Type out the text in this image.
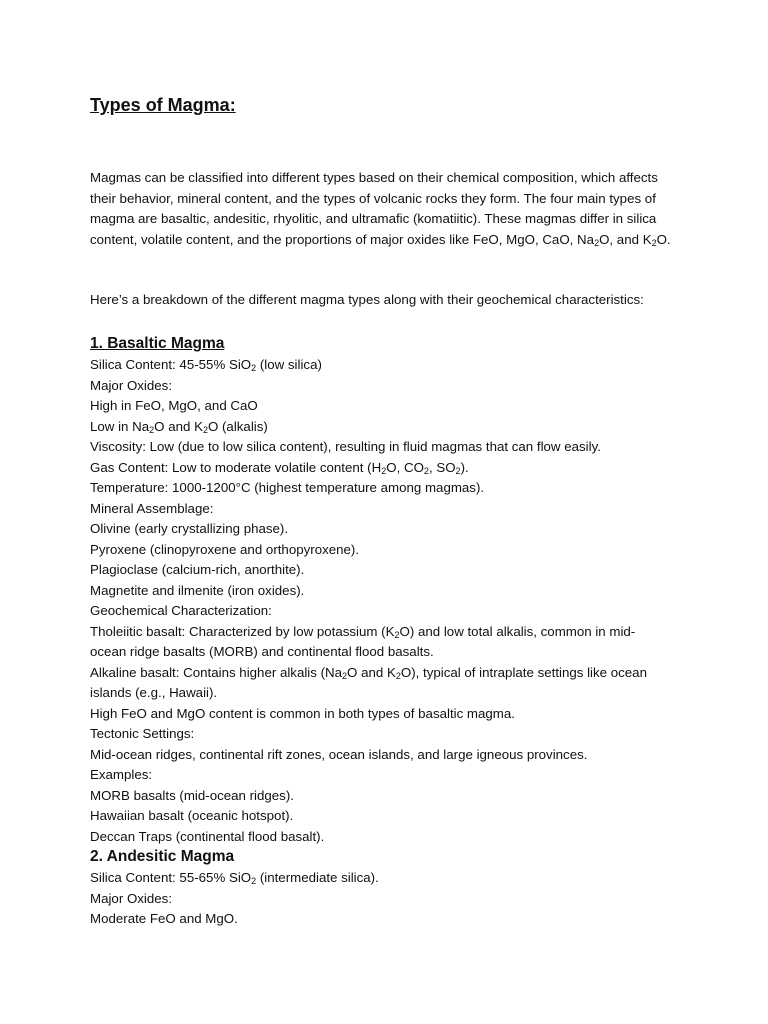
Types of Magma:

Magmas can be classified into different types based on their chemical composition, which affects their behavior, mineral content, and the types of volcanic rocks they form. The four main types of magma are basaltic, andesitic, rhyolitic, and ultramafic (komatiitic). These magmas differ in silica content, volatile content, and the proportions of major oxides like FeO, MgO, CaO, $Na_2O$, and $K_2O$.

Here’s a breakdown of the different magma types along with their geochemical characteristics:

1. Basaltic Magma

Silica Content: 45-55% SiO$_2$ (low silica)

Major Oxides:

High in FeO, MgO, and CaO

Low in $Na_2O$ and $K_2O$ (alkalis)

Viscosity: Low (due to low silica content), resulting in fluid magmas that can flow easily.

Gas Content: Low to moderate volatile content ($H_2O$, $CO_2$, $SO_2$).

Temperature: 1000-1200°C (highest temperature among magmas).

Mineral Assemblage:

Olivine (early crystallizing phase).

Pyroxene (clinopyroxene and orthopyroxene).

Plagioclase (calcium-rich, anorthite).

Magnetite and ilmenite (iron oxides).

Geochemical Characterization:

Tholeiitic basalt: Characterized by low potassium $(K_2O)$ and low total alkalis, common in mid-ocean ridge basalts (MORB) and continental flood basalts.

Alkaline basalt: Contains higher alkalis ($Na_2O$ and $K_2O$), typical of intraplate settings like ocean islands (e.g., Hawaii).

High FeO and MgO content is common in both types of basaltic magma.

Tectonic Settings:

Mid-ocean ridges, continental rift zones, ocean islands, and large igneous provinces.

Examples:

MORB basalts (mid-ocean ridges).

Hawaiian basalt (oceanic hotspot).

Deccan Traps (continental flood basalt).

2. Andesitic Magma

Silica Content: 55-65% SiO$_2$ (intermediate silica).

Major Oxides:

Moderate FeO and MgO.
